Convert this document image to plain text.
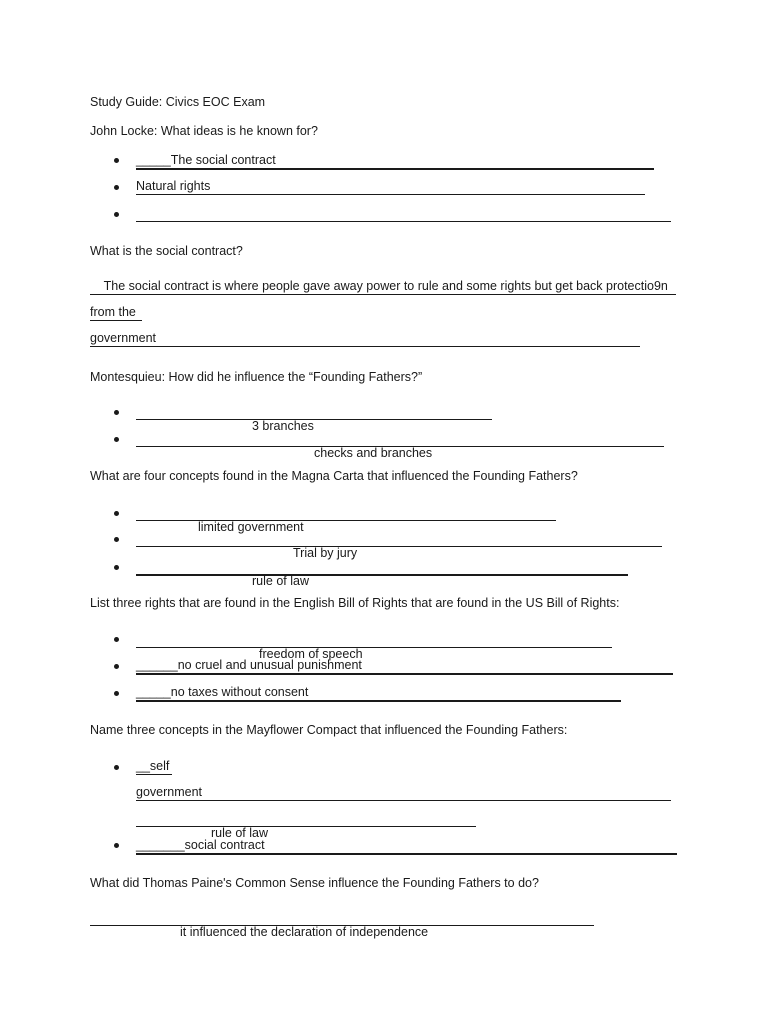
Study Guide: Civics EOC Exam
John Locke: What ideas is he known for?
_____The social contract
Natural rights
What is the social contract?
The social contract is where people gave away power to rule and some rights but get back protectio9n
from the
government
Montesquieu: How did he influence the “Founding Fathers?”

3 branches

checks and branches

What are four concepts found in the Magna Carta that influenced the Founding Fathers?

limited government

Trial by jury

rule of law

List three rights that are found in the English Bill of Rights that are found in the US Bill of Rights:

freedom of speech

______no cruel and unusual punishment
_____no taxes without consent
Name three concepts in the Mayflower Compact that influenced the Founding Fathers:
__self
government

rule of law

_______social contract
What did Thomas Paine's Common Sense influence the Founding Fathers to do?

it influenced the declaration of independence
